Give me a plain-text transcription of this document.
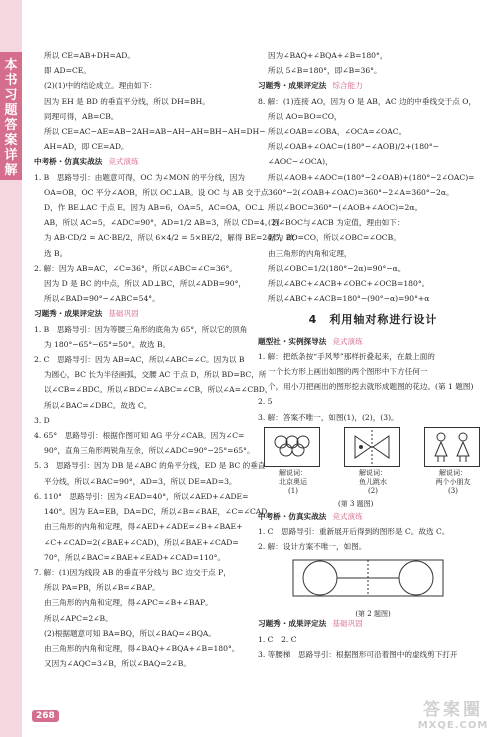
本书习题答案详解
所以 CE=AB+DH=AD。
即 AD=CE。
(2)(1)中的结论成立。理由如下：
因为 EH 是 BD 的垂直平分线，所以 DH=BH。
同理可得，AB=CB。
所以 CE=AC−AE=AB−2AH=AB−AH−AH=BH−AH=DH−
AH=AD，即 CE=AD。
中考桥・仿真实战法 竞式演练
1. B　思路导引：由题意可得，OC 为∠MON 的平分线，因为
OA=OB，OC 平分∠AOB，所以 OC⊥AB。设 OC 与 AB 交于点
D，作 BE⊥AC 于点 E。因为 AB=6，OA=5，AC=OA，OC⊥
AB，所以 AC=5，∠ADC=90°，AD=1/2 AB=3，所以 CD=4。因
为 AB·CD/2 = AC·BE/2，所以 6×4/2 = 5×BE/2，解得 BE=24/5，故
选 B。
2. 解：因为 AB=AC，∠C=36°，所以∠ABC=∠C=36°。
因为 D 是 BC 的中点，所以 AD⊥BC，所以∠ADB=90°，
所以∠BAD=90°−∠ABC=54°。
习题秀・成果评定法 基础巩固
1. B　思路导引：因为等腰三角形的底角为 65°，所以它的顶角
为 180°−65°−65°=50°。故选 B。
2. C　思路导引：因为 AB=AC，所以∠ABC=∠C。因为以 B
为圆心，BC 长为半径画弧，交腰 AC 于点 D，所以 BD=BC，所
以∠CB=∠BDC。所以∠BDC=∠ABC=∠CB，所以∠A=∠CBD，
所以∠BAC=∠DBC。故选 C。
3. D
4. 65°　思路导引：根据作图可知 AG 平分∠CAB。因为∠C=
90°，直角三角形两锐角互余，所以∠ADC=90°−25°=65°。
5. 3　思路导引：因为 DB 是∠ABC 的角平分线，ED 是 BC 的垂直
平分线，所以∠BAC=90°，AD=3，所以 DE=AD=3。
6. 110°　思路导引：因为∠EAD=40°，所以∠AED+∠ADE=
140°。因为 EA=EB，DA=DC，所以∠B=∠BAE，∠C=∠CAD。
由三角形的内角和定理，得∠AED+∠ADE=∠B+∠BAE+
∠C+∠CAD=2(∠BAE+∠CAD)，所以∠BAE+∠CAD=
70°，所以∠BAC=∠BAE+∠EAD+∠CAD=110°。
7. 解：(1)因为线段 AB 的垂直平分线与 BC 边交于点 P，
所以 PA=PB，所以∠B=∠BAP。
由三角形的内角和定理，得∠APC=∠B+∠BAP。
所以∠APC=2∠B。
(2)根据题意可知 BA=BQ，所以∠BAQ=∠BQA。
由三角形的内角和定理，得∠BAQ+∠BQA+∠B=180°。
又因为∠AQC=3∠B，所以∠BAQ=2∠B。
因为∠BAQ+∠BQA+∠B=180°，
所以 5∠B=180°，即∠B=36°。
习题秀・成果评定法 综合能力
8. 解：(1)连接 AO，因为 O 是 AB，AC 边的中垂线交于点 O，
所以 AO=BO=CO，
所以∠OAB=∠OBA，∠OCA=∠OAC。
所以∠OAB+∠OAC=(180°−∠AOB)/2+(180°−
∠AOC−∠OCA)，
所以∠AOB+∠AOC=(180°−2∠OAB)+(180°−2∠OAC)=
360°−2(∠OAB+∠OAC)=360°−2∠A=360°−2α。
所以∠BOC=360°−(∠AOB+∠AOC)=2α。
(2)∠BOC与∠ACB 为定值，理由如下：
因为 BO=CO，所以∠OBC=∠OCB。
由三角形的内角和定理，
所以∠OBC=1/2(180°−2α)=90°−α。
所以∠ABC+∠ACB+∠OBC+∠OCB=180°。
所以∠ABC+∠ACB=180°−(90°−α)=90°+α
4　利用轴对称进行设计
题型社・实例探导法 竞式演练
1. 解：把纸条按“手风琴”那样折叠起来，在最上面的
一个长方形上画出如图的两个图形中下方任何一
个，用小刀把画出的图形挖去就形成题图的花边。(第 1 题图)
2. 5
3. 解：答案不唯一，如图(1)，(2)，(3)。
解说词：
北京奥运
(1)
解说词：
鱼儿跳水
(2)
解说词：
两个小朋友
(3)
(第 3 题图)
中考桥・仿真实战法 竞式演练
1. C　思路导引：重新展开后得到的图形是 C。故选 C。
2. 解：设计方案不唯一，如图。
(第 2 题图)
习题秀・成果评定法 基础巩固
1. C　2. C
3. 等腰梯　思路导引：根据图形可沿着图中的虚线剪下打开
268	答案圈
MXQE.COM
